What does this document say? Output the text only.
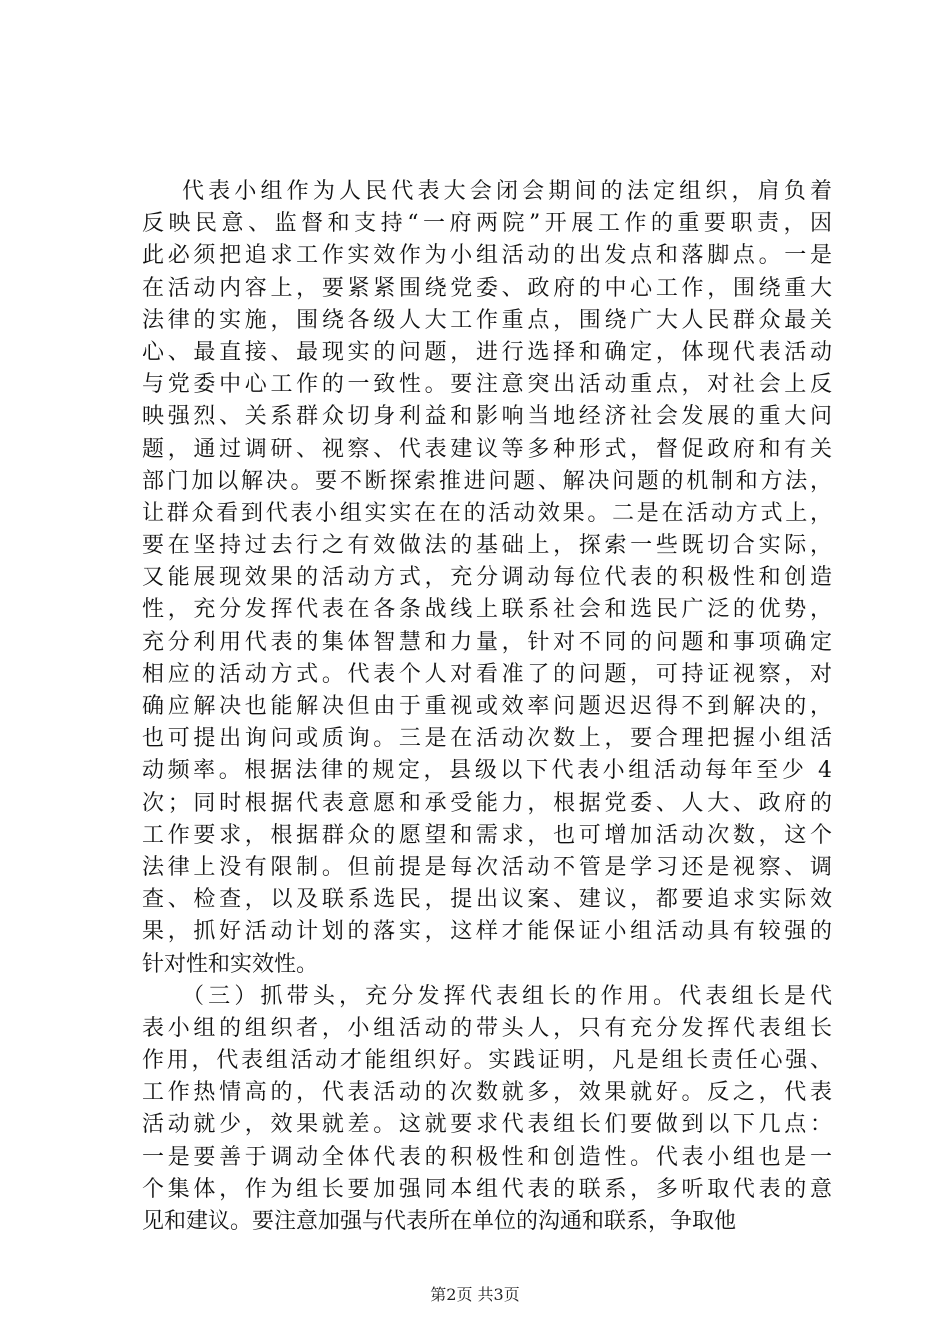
代表小组作为人民代表大会闭会期间的法定组织，肩负着
反映民意、监督和支持“一府两院”开展工作的重要职责，因
此必须把追求工作实效作为小组活动的出发点和落脚点。一是
在活动内容上，要紧紧围绕党委、政府的中心工作，围绕重大
法律的实施，围绕各级人大工作重点，围绕广大人民群众最关
心、最直接、最现实的问题，进行选择和确定，体现代表活动
与党委中心工作的一致性。要注意突出活动重点，对社会上反
映强烈、关系群众切身利益和影响当地经济社会发展的重大问
题，通过调研、视察、代表建议等多种形式，督促政府和有关
部门加以解决。要不断探索推进问题、解决问题的机制和方法，
让群众看到代表小组实实在在的活动效果。二是在活动方式上，
要在坚持过去行之有效做法的基础上，探索一些既切合实际，
又能展现效果的活动方式，充分调动每位代表的积极性和创造
性，充分发挥代表在各条战线上联系社会和选民广泛的优势，
充分利用代表的集体智慧和力量，针对不同的问题和事项确定
相应的活动方式。代表个人对看准了的问题，可持证视察，对
确应解决也能解决但由于重视或效率问题迟迟得不到解决的，
也可提出询问或质询。三是在活动次数上，要合理把握小组活
动频率。根据法律的规定，县级以下代表小组活动每年至少 4
次；同时根据代表意愿和承受能力，根据党委、人大、政府的
工作要求，根据群众的愿望和需求，也可增加活动次数，这个
法律上没有限制。但前提是每次活动不管是学习还是视察、调
查、检查，以及联系选民，提出议案、建议，都要追求实际效
果，抓好活动计划的落实，这样才能保证小组活动具有较强的
针对性和实效性。
（三）抓带头，充分发挥代表组长的作用。代表组长是代
表小组的组织者，小组活动的带头人，只有充分发挥代表组长
作用，代表组活动才能组织好。实践证明，凡是组长责任心强、
工作热情高的，代表活动的次数就多，效果就好。反之，代表
活动就少，效果就差。这就要求代表组长们要做到以下几点：
一是要善于调动全体代表的积极性和创造性。代表小组也是一
个集体，作为组长要加强同本组代表的联系，多听取代表的意
见和建议。要注意加强与代表所在单位的沟通和联系，争取他
第2页 共3页
